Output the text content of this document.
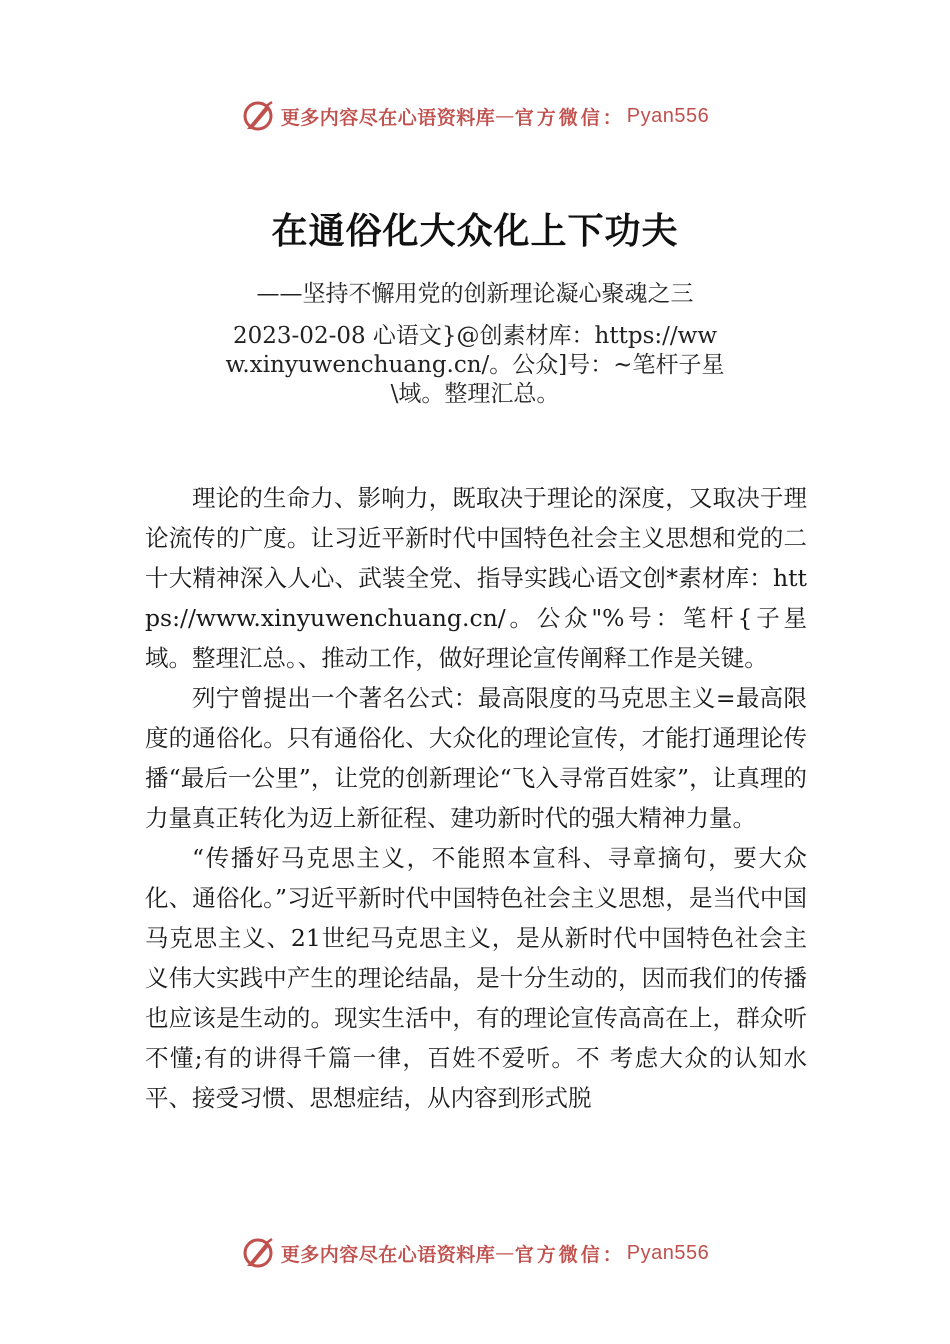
更多内容尽在心语资料库 — 官方微信： Pyan556
在通俗化大众化上下功夫
——坚持不懈用党的创新理论凝心聚魂之三
2023-02-08 心语文}@创素材库：https://www.xinyuwenchuang.cn/。公众]号：~笔杆子星\域。整理汇总。

理论的生命力、影响力，既取决于理论的深度，又取决于理论流传的广度。让习近平新时代中国特色社会主义思想和党的二十大精神深入人心、武装全党、指导实践心语文创*素材库：https://www.xinyuwenchuang.cn/。公众"%号：笔杆{子星域。整理汇总。、推动工作，做好理论宣传阐释工作是关键。

列宁曾提出一个著名公式：最高限度的马克思主义=最高限度的通俗化。只有通俗化、大众化的理论宣传，才能打通理论传播“最后一公里”，让党的创新理论“飞入寻常百姓家”，让真理的力量真正转化为迈上新征程、建功新时代的强大精神力量。

“传播好马克思主义，不能照本宣科、寻章摘句，要大众化、通俗化。”习近平新时代中国特色社会主义思想，是当代中国马克思主义、21世纪马克思主义，是从新时代中国特色社会主义伟大实践中产生的理论结晶，是十分生动的，因而我们的传播也应该是生动的。现实生活中，有的理论宣传高高在上，群众听不懂;有的讲得千篇一律，百姓不爱听。不 考虑大众的认知水平、接受习惯、思想症结，从内容到形式脱

更多内容尽在心语资料库 — 官方微信： Pyan556
